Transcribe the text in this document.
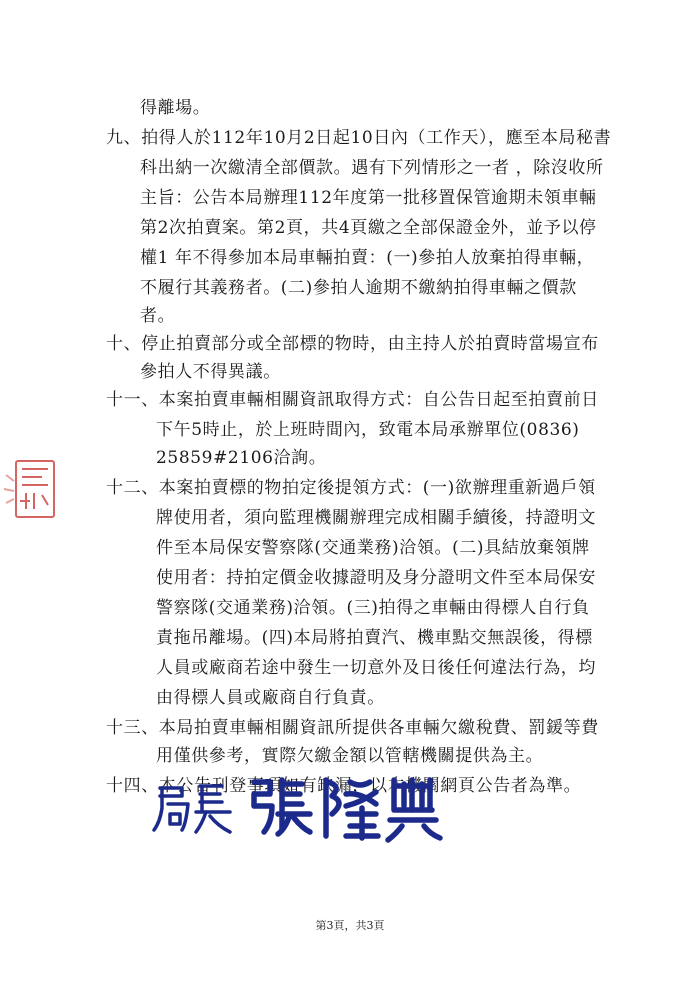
得離場。
九、拍得人於112年10月2日起10日內（工作天），應至本局秘書
科出納一次繳清全部價款。遇有下列情形之一者 ，除沒收所
主旨：公告本局辦理112年度第一批移置保管逾期未領車輛
第2次拍賣案。第2頁，共4頁繳之全部保證金外，並予以停
權1 年不得參加本局車輛拍賣：(一)參拍人放棄拍得車輛，
不履行其義務者。(二)參拍人逾期不繳納拍得車輛之價款
者。
十、停止拍賣部分或全部標的物時，由主持人於拍賣時當場宣布
參拍人不得異議。
十一、本案拍賣車輛相關資訊取得方式：自公告日起至拍賣前日
下午5時止，於上班時間內，致電本局承辦單位(0836)
25859#2106洽詢。
十二、本案拍賣標的物拍定後提領方式：(一)欲辦理重新過戶領
牌使用者，須向監理機關辦理完成相關手續後，持證明文
件至本局保安警察隊(交通業務)洽領。(二)具結放棄領牌
使用者：持拍定價金收據證明及身分證明文件至本局保安
警察隊(交通業務)洽領。(三)拍得之車輛由得標人自行負
責拖吊離場。(四)本局將拍賣汽、機車點交無誤後，得標
人員或廠商若途中發生一切意外及日後任何違法行為，均
由得標人員或廠商自行負責。
十三、本局拍賣車輛相關資訊所提供各車輛欠繳稅費、罰鍰等費
用僅供參考，實際欠繳金額以管轄機關提供為主。
十四、本公告刊登事項如有缺漏，以本機關網頁公告者為準。
第3頁，共3頁
